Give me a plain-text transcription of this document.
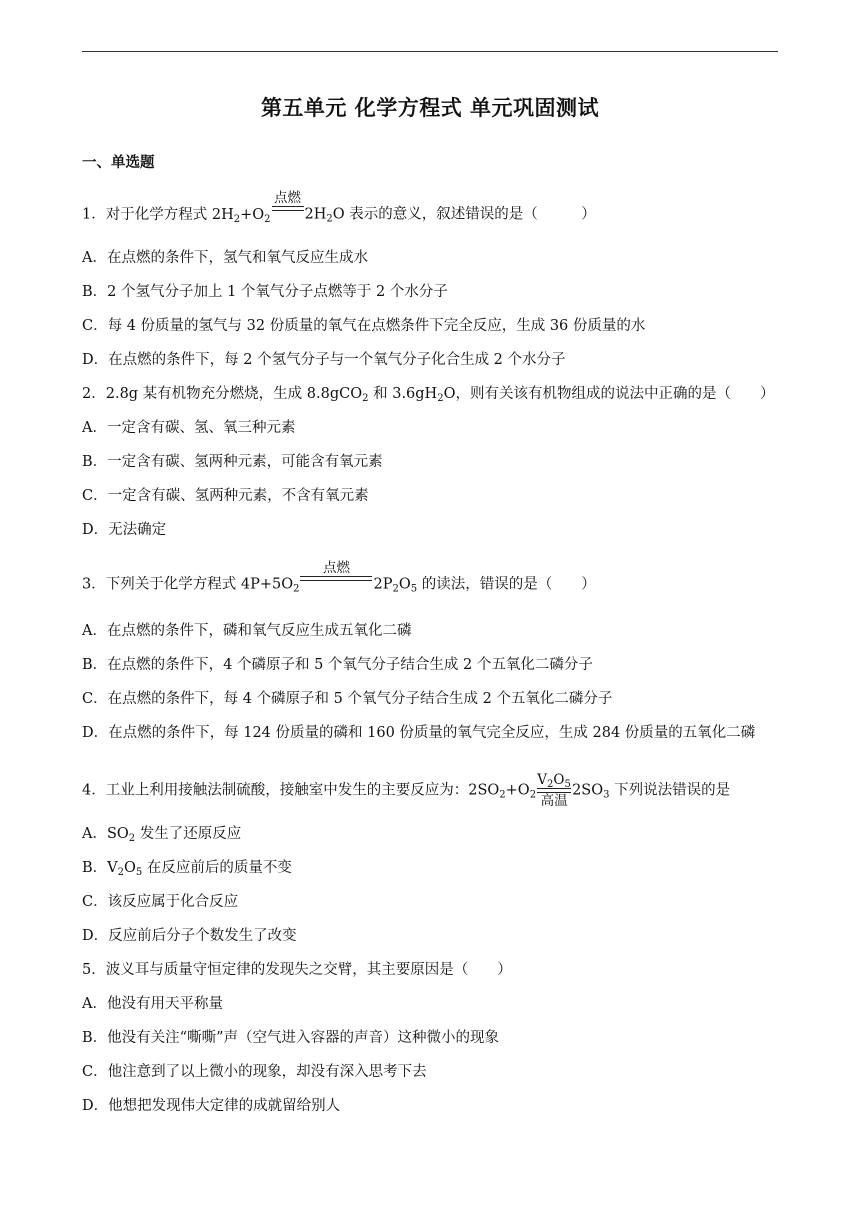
第五单元 化学方程式 单元巩固测试
一、单选题
1．对于化学方程式 $2H_2+O_2$
点燃
$2H_2O$ 表示的意义，叙述错误的是（　　　）
A．在点燃的条件下，氢气和氧气反应生成水
B．2 个氢气分子加上 1 个氧气分子点燃等于 2 个水分子
C．每 4 份质量的氢气与 32 份质量的氧气在点燃条件下完全反应，生成 36 份质量的水
D．在点燃的条件下，每 2 个氢气分子与一个氧气分子化合生成 2 个水分子
2．2.8g 某有机物充分燃烧，生成 8.8gCO$_2$ 和 $3.6gH_2O$，则有关该有机物组成的说法中正确的是（　　）
A．一定含有碳、氢、氧三种元素
B．一定含有碳、氢两种元素，可能含有氧元素
C．一定含有碳、氢两种元素，不含有氧元素
D．无法确定
3．下列关于化学方程式 $4P+5O_2$
点燃
$2P_2O_5$ 的读法，错误的是（　　）
A．在点燃的条件下，磷和氧气反应生成五氧化二磷
B．在点燃的条件下，4 个磷原子和 5 个氧气分子结合生成 2 个五氧化二磷分子
C．在点燃的条件下，每 4 个磷原子和 5 个氧气分子结合生成 2 个五氧化二磷分子
D．在点燃的条件下，每 124 份质量的磷和 160 份质量的氧气完全反应，生成 284 份质量的五氧化二磷
4．工业上利用接触法制硫酸，接触室中发生的主要反应为：$2SO_2+O_2$
$V_2O_5$
高温
$2SO_3$ 下列说法错误的是
A．$SO_2$ 发生了还原反应
B．$V_2O_5$ 在反应前后的质量不变
C．该反应属于化合反应
D．反应前后分子个数发生了改变
5．波义耳与质量守恒定律的发现失之交臂，其主要原因是（　　）
A．他没有用天平称量
B．他没有关注“嘶嘶”声（空气进入容器的声音）这种微小的现象
C．他注意到了以上微小的现象，却没有深入思考下去
D．他想把发现伟大定律的成就留给别人
